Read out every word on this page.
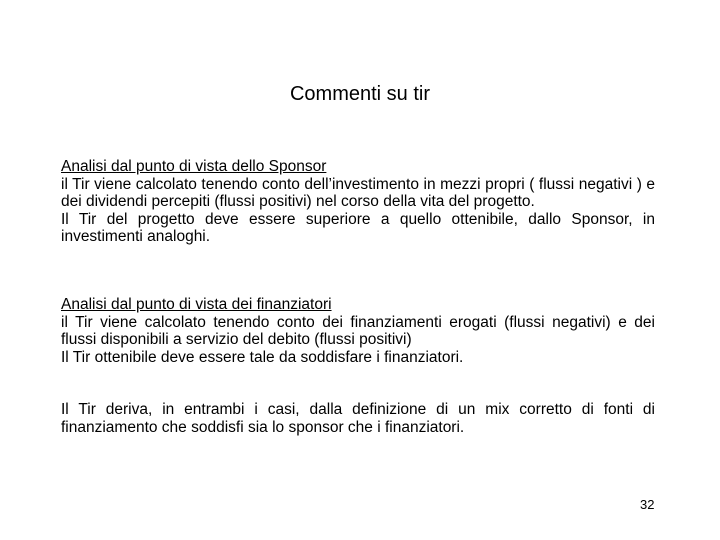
Commenti su tir
Analisi dal punto di vista dello Sponsor
il Tir viene calcolato tenendo conto dell’investimento in mezzi propri ( flussi negativi ) e dei dividendi percepiti (flussi positivi) nel corso della vita del progetto.
Il Tir del progetto deve essere superiore a quello ottenibile, dallo Sponsor, in investimenti analoghi.
Analisi dal punto di vista dei finanziatori
il Tir viene calcolato tenendo conto dei finanziamenti erogati (flussi negativi) e dei flussi disponibili a servizio del debito (flussi positivi)
Il Tir ottenibile deve essere tale da soddisfare i finanziatori.
Il Tir deriva, in entrambi i casi, dalla definizione di un mix corretto di fonti di finanziamento che soddisfi sia lo sponsor che i finanziatori.
32
